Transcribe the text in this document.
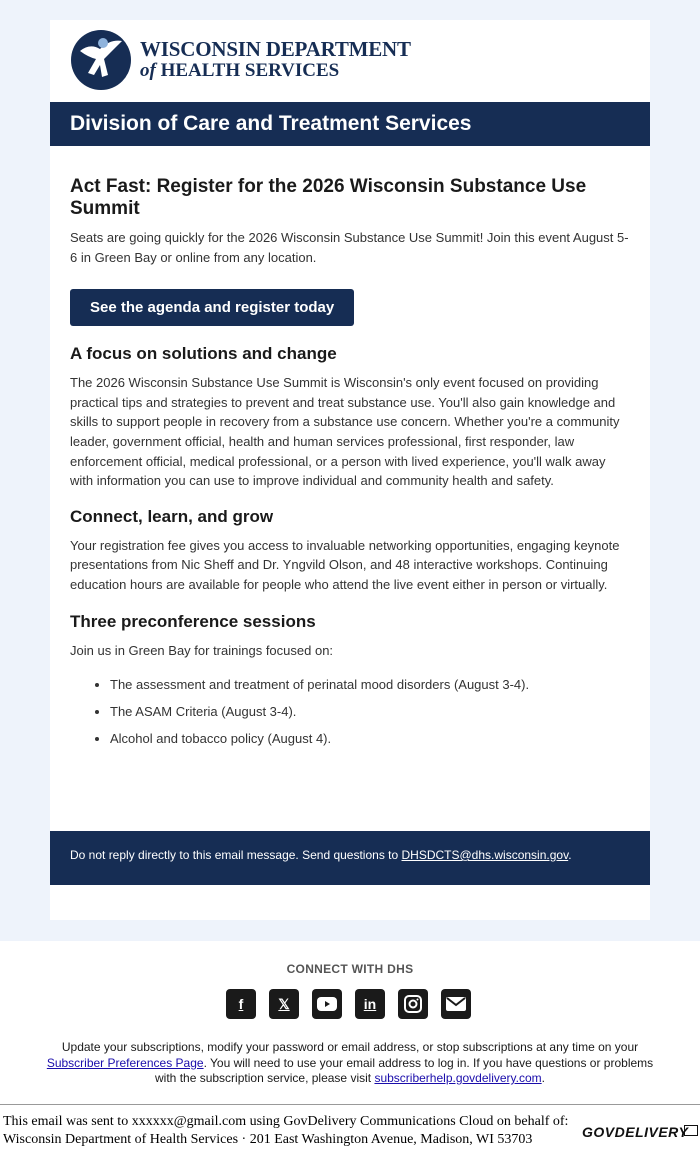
WISCONSIN DEPARTMENT
of HEALTH SERVICES
Division of Care and Treatment Services
Act Fast: Register for the 2026 Wisconsin Substance Use Summit

Seats are going quickly for the 2026 Wisconsin Substance Use Summit! Join this event August 5-6 in Green Bay or online from any location.

See the agenda and register today
A focus on solutions and change

The 2026 Wisconsin Substance Use Summit is Wisconsin's only event focused on providing practical tips and strategies to prevent and treat substance use. You'll also gain knowledge and skills to support people in recovery from a substance use concern. Whether you're a community leader, government official, health and human services professional, first responder, law enforcement official, medical professional, or a person with lived experience, you'll walk away with information you can use to improve individual and community health and safety.

Connect, learn, and grow

Your registration fee gives you access to invaluable networking opportunities, engaging keynote presentations from Nic Sheff and Dr. Yngvild Olson, and 48 interactive workshops. Continuing education hours are available for people who attend the live event either in person or virtually.

Three preconference sessions

Join us in Green Bay for trainings focused on:

• The assessment and treatment of perinatal mood disorders (August 3-4).
• The ASAM Criteria (August 3-4).
• Alcohol and tobacco policy (August 4).
Do not reply directly to this email message. Send questions to DHSDCTS@dhs.wisconsin.gov.
CONNECT WITH DHS
f	𝕏	in
Update your subscriptions, modify your password or email address, or stop subscriptions at any time on your Subscriber Preferences Page. You will need to use your email address to log in. If you have questions or problems with the subscription service, please visit subscriberhelp.govdelivery.com.
This email was sent to xxxxxx@gmail.com using GovDelivery Communications Cloud on behalf of: Wisconsin Department of Health Services · 201 East Washington Avenue, Madison, WI 53703	GOVDELIVERY
